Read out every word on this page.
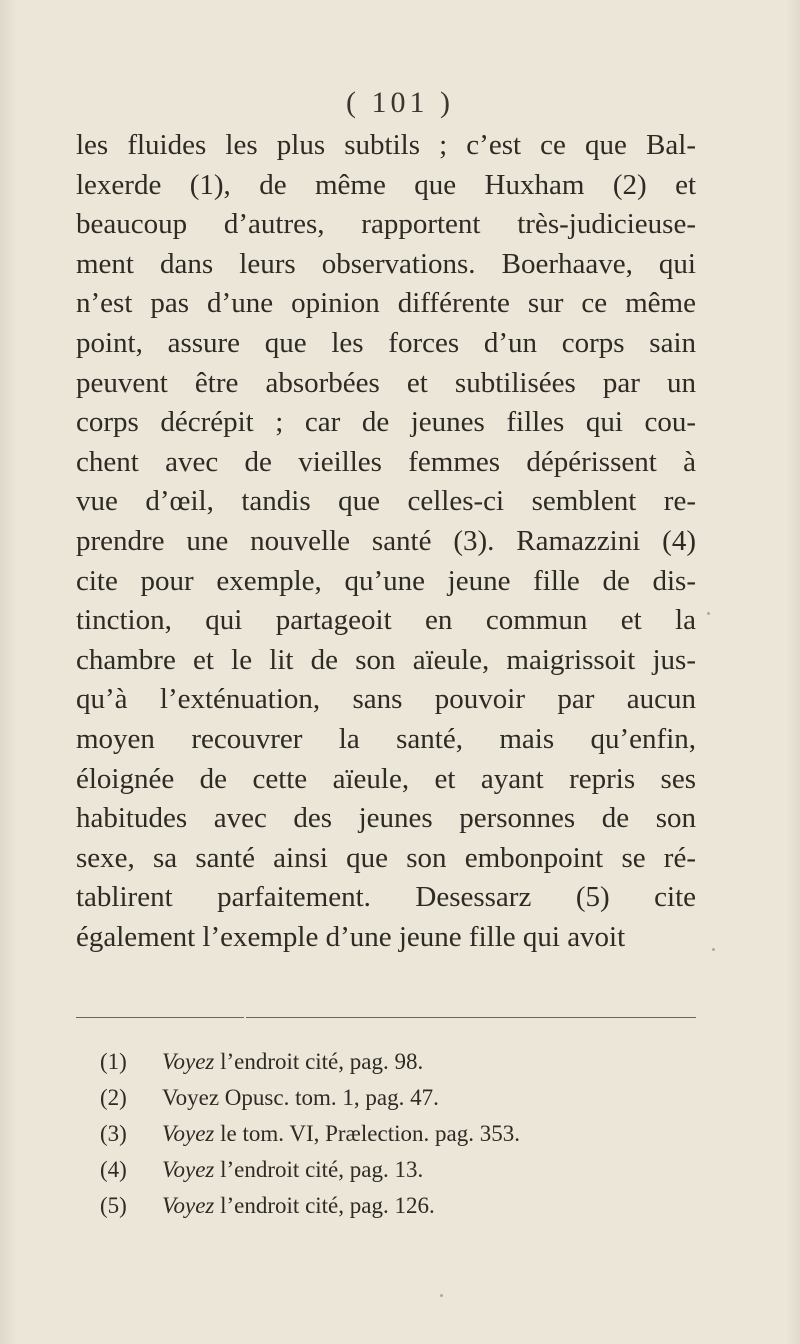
( 101 )
les fluides les plus subtils ; c’est ce que Bal-
lexerde (1), de même que Huxham (2) et
beaucoup d’autres, rapportent très-judicieuse-
ment dans leurs observations. Boerhaave, qui
n’est pas d’une opinion différente sur ce même
point, assure que les forces d’un corps sain
peuvent être absorbées et subtilisées par un
corps décrépit ; car de jeunes filles qui cou-
chent avec de vieilles femmes dépérissent à
vue d’œil, tandis que celles-ci semblent re-
prendre une nouvelle santé (3). Ramazzini (4)
cite pour exemple, qu’une jeune fille de dis-
tinction, qui partageoit en commun et la
chambre et le lit de son aïeule, maigrissoit jus-
qu’à l’exténuation, sans pouvoir par aucun
moyen recouvrer la santé, mais qu’enfin,
éloignée de cette aïeule, et ayant repris ses
habitudes avec des jeunes personnes de son
sexe, sa santé ainsi que son embonpoint se ré-
tablirent parfaitement. Desessarz (5) cite
également l’exemple d’une jeune fille qui avoit
(1) Voyez l’endroit cité, pag. 98.
(2) Voyez Opusc. tom. 1, pag. 47.
(3) Voyez le tom. VI, Prælection. pag. 353.
(4) Voyez l’endroit cité, pag. 13.
(5) Voyez l’endroit cité, pag. 126.
